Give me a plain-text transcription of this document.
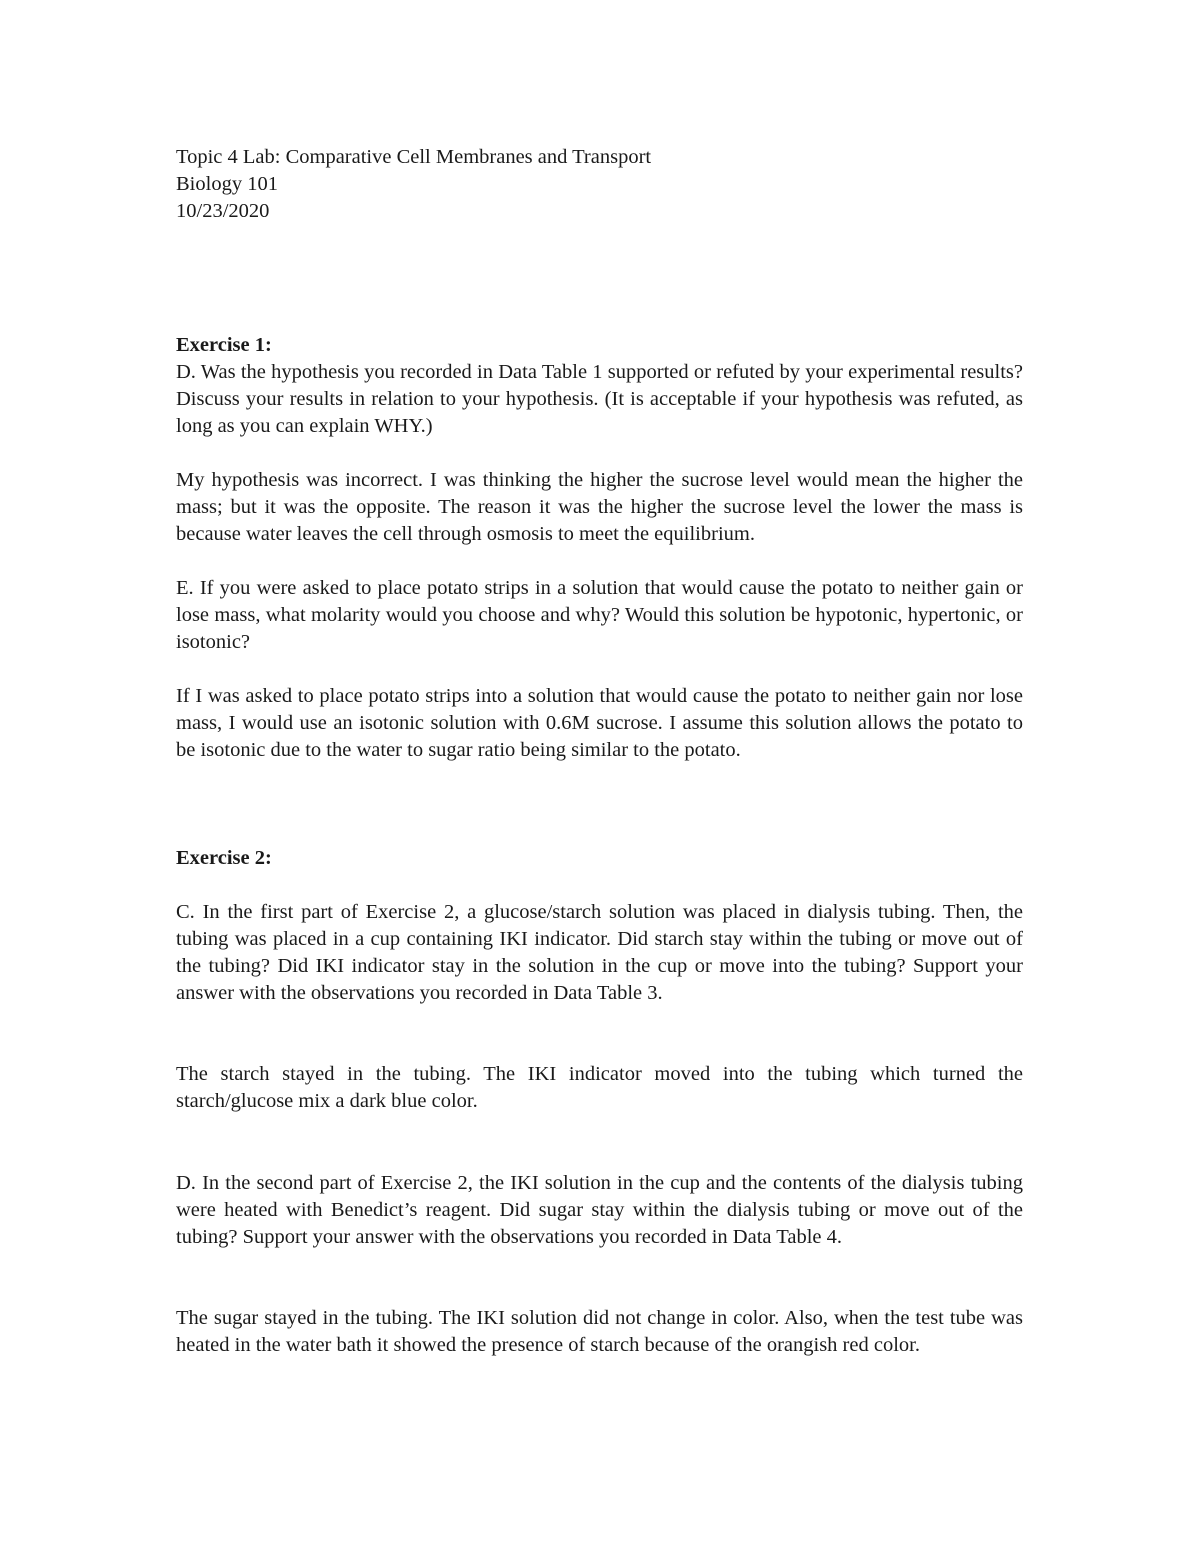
Topic 4 Lab: Comparative Cell Membranes and Transport

Biology 101

10/23/2020

Exercise 1:

D. Was the hypothesis you recorded in Data Table 1 supported or refuted by your experimental results? Discuss your results in relation to your hypothesis. (It is acceptable if your hypothesis was refuted, as long as you can explain WHY.)

My hypothesis was incorrect. I was thinking the higher the sucrose level would mean the higher the mass; but it was the opposite. The reason it was the higher the sucrose level the lower the mass is because water leaves the cell through osmosis to meet the equilibrium.

E. If you were asked to place potato strips in a solution that would cause the potato to neither gain or lose mass, what molarity would you choose and why? Would this solution be hypotonic, hypertonic, or isotonic?

If I was asked to place potato strips into a solution that would cause the potato to neither gain nor lose mass, I would use an isotonic solution with 0.6M sucrose. I assume this solution allows the potato to be isotonic due to the water to sugar ratio being similar to the potato.

Exercise 2:

C. In the first part of Exercise 2, a glucose/starch solution was placed in dialysis tubing. Then, the tubing was placed in a cup containing IKI indicator. Did starch stay within the tubing or move out of the tubing? Did IKI indicator stay in the solution in the cup or move into the tubing? Support your answer with the observations you recorded in Data Table 3.

The starch stayed in the tubing. The IKI indicator moved into the tubing which turned the starch/glucose mix a dark blue color.

D. In the second part of Exercise 2, the IKI solution in the cup and the contents of the dialysis tubing were heated with Benedict’s reagent. Did sugar stay within the dialysis tubing or move out of the tubing? Support your answer with the observations you recorded in Data Table 4.

The sugar stayed in the tubing. The IKI solution did not change in color. Also, when the test tube was heated in the water bath it showed the presence of starch because of the orangish red color.
